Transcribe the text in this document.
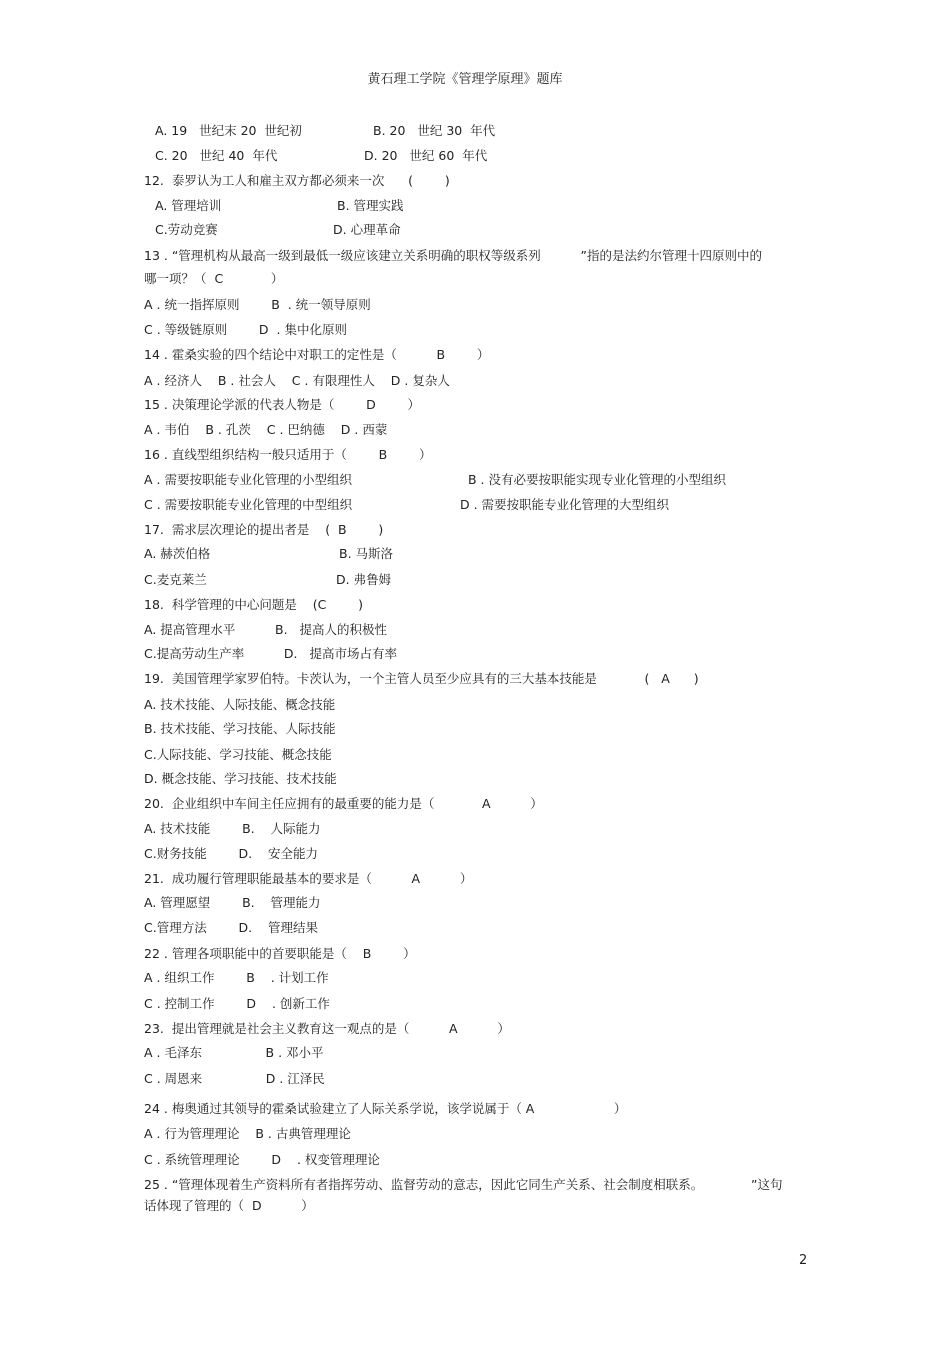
黄石理工学院《管理学原理》题库
A. 19   世纪末 20  世纪初	B. 20   世纪 30  年代
C. 20   世纪 40  年代	D. 20   世纪 60  年代
12.  泰罗认为工人和雇主双方都必须来一次      (        )
A. 管理培训	B. 管理实践
C.劳动竞赛	D. 心理革命
13 . “管理机构从最高一级到最低一级应该建立关系明确的职权等级系列          ”指的是法约尔管理十四原则中的
哪一项？（  C            ）
A . 统一指挥原则        B  . 统一领导原则
C . 等级链原则        D  . 集中化原则
14 . 霍桑实验的四个结论中对职工的定性是（          B        ）
A . 经济人    B . 社会人    C . 有限理性人    D . 复杂人
15 . 决策理论学派的代表人物是（        D        ）
A . 韦伯    B . 孔茨    C . 巴纳德    D . 西蒙
16 . 直线型组织结构一般只适用于（        B        ）
A . 需要按职能专业化管理的小型组织	B . 没有必要按职能实现专业化管理的小型组织
C . 需要按职能专业化管理的中型组织	D . 需要按职能专业化管理的大型组织
17.  需求层次理论的提出者是    (  B        )
A. 赫茨伯格	B. 马斯洛
C.麦克莱兰	D. 弗鲁姆
18.  科学管理的中心问题是    (C        )
A. 提高管理水平          B.   提高人的积极性
C.提高劳动生产率          D.   提高市场占有率
19.  美国管理学家罗伯特。卡茨认为，一个主管人员至少应具有的三大基本技能是            (   A      )
A. 技术技能、人际技能、概念技能
B. 技术技能、学习技能、人际技能
C.人际技能、学习技能、概念技能
D. 概念技能、学习技能、技术技能
20.  企业组织中车间主任应拥有的最重要的能力是（            A          ）
A. 技术技能        B.    人际能力
C.财务技能        D.    安全能力
21.  成功履行管理职能最基本的要求是（          A          ）
A. 管理愿望        B.    管理能力
C.管理方法        D.    管理结果
22 . 管理各项职能中的首要职能是（    B        ）
A . 组织工作        B    . 计划工作
C . 控制工作        D    . 创新工作
23.  提出管理就是社会主义教育这一观点的是（          A          ）
A . 毛泽东                B . 邓小平
C . 周恩来                D . 江泽民
24 . 梅奥通过其领导的霍桑试验建立了人际关系学说，该学说属于（ A                    ）
A . 行为管理理论    B . 古典管理理论
C . 系统管理理论        D    . 权变管理理论
25 . “管理体现着生产资料所有者指挥劳动、监督劳动的意志，因此它同生产关系、社会制度相联系。            ”这句
话体现了管理的（  D          ）
2
